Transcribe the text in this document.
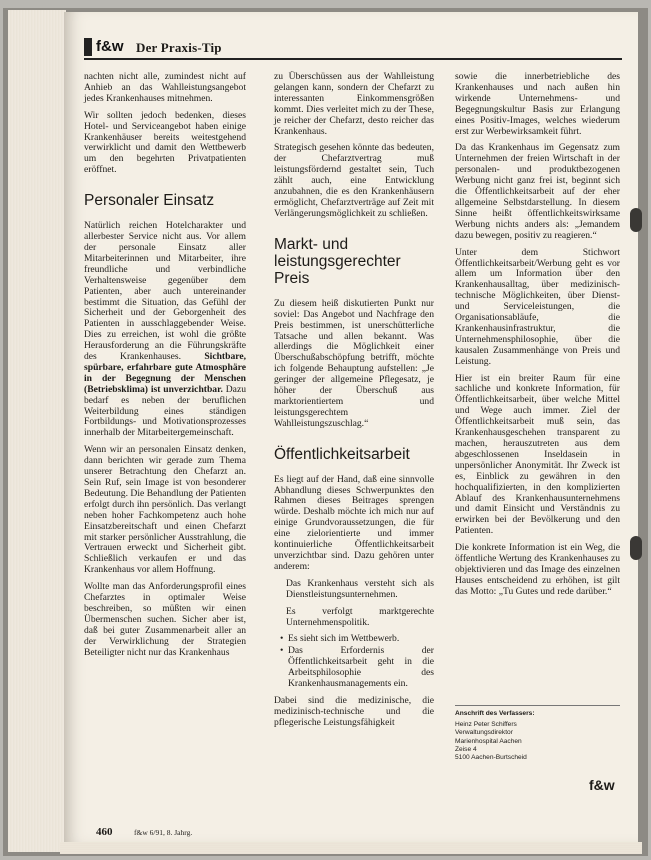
f&w Der Praxis-Tip

nachten nicht alle, zumindest nicht auf Anhieb an das Wahlleistungsangebot jedes Krankenhauses mitnehmen.

Wir sollten jedoch bedenken, dieses Hotel- und Serviceangebot haben einige Krankenhäuser bereits weitestgehend verwirklicht und damit den Wettbewerb um den begehrten Privatpatienten eröffnet.

Personaler Einsatz

Natürlich reichen Hotelcharakter und allerbester Service nicht aus. Vor allem der personale Einsatz aller Mitarbeiterinnen und Mitarbeiter, ihre freundliche und verbindliche Verhaltensweise gegenüber dem Patienten, aber auch untereinander bestimmt die Situation, das Gefühl der Sicherheit und der Geborgenheit des Patienten in ausschlaggebender Weise. Dies zu erreichen, ist wohl die größte Herausforderung an die Führungskräfte des Krankenhauses. Sichtbare, spürbare, erfahrbare gute Atmosphäre in der Begegnung der Menschen (Betriebsklima) ist unverzichtbar. Dazu bedarf es neben der beruflichen Weiterbildung eines ständigen Fortbildungs- und Motivationsprozesses innerhalb der Mitarbeitergemeinschaft.

Wenn wir an personalen Einsatz denken, dann berichten wir gerade zum Thema unserer Betrachtung den Chefarzt an. Sein Ruf, sein Image ist von besonderer Bedeutung. Die Behandlung der Patienten erfolgt durch ihn persönlich. Das verlangt neben hoher Fachkompetenz auch hohe Einsatzbereitschaft und einen Chefarzt mit starker persönlicher Ausstrahlung, die Vertrauen erweckt und Sicherheit gibt. Schließlich verkaufen er und das Krankenhaus vor allem Hoffnung.

Wollte man das Anforderungsprofil eines Chefarztes in optimaler Weise beschreiben, so müßten wir einen Übermenschen suchen. Sicher aber ist, daß bei guter Zusammenarbeit aller an der Verwirklichung der Strategien Beteiligter nicht nur das Krankenhaus

zu Überschüssen aus der Wahlleistung gelangen kann, sondern der Chefarzt zu interessanten Einkommensgrößen kommt. Dies verleitet mich zu der These, je reicher der Chefarzt, desto reicher das Krankenhaus.

Strategisch gesehen könnte das bedeuten, der Chefarztvertrag muß leistungsfördernd gestaltet sein, Tuch zählt auch, eine Entwicklung anzubahnen, die es den Krankenhäusern ermöglicht, Chefarztverträge auf Zeit mit Verlängerungsmöglichkeit zu schließen.

Markt- und leistungsgerechter Preis

Zu diesem heiß diskutierten Punkt nur soviel: Das Angebot und Nachfrage den Preis bestimmen, ist unerschütterliche Tatsache und allen bekannt. Was allerdings die Möglichkeit einer Überschußabschöpfung betrifft, möchte ich folgende Behauptung aufstellen: „Je geringer der allgemeine Pflegesatz, je höher der Überschuß aus marktorientiertem und leistungsgerechtem Wahlleistungszuschlag.“

Öffentlichkeitsarbeit

Es liegt auf der Hand, daß eine sinnvolle Abhandlung dieses Schwerpunktes den Rahmen dieses Beitrages sprengen würde. Deshalb möchte ich mich nur auf einige Grundvoraussetzungen, die für eine zielorientierte und immer kontinuierliche Öffentlichkeitsarbeit unverzichtbar sind. Dazu gehören unter anderem:

Das Krankenhaus versteht sich als Dienstleistungsunternehmen.

Es verfolgt marktgerechte Unternehmenspolitik.

• Es sieht sich im Wettbewerb.
• Das Erfordernis der Öffentlichkeitsarbeit geht in die Arbeitsphilosophie des Krankenhausmanagements ein.

Dabei sind die medizinische, die medizinisch-technische und die pflegerische Leistungsfähigkeit

sowie die innerbetriebliche des Krankenhauses und nach außen hin wirkende Unternehmens- und Begegnungskultur Basis zur Erlangung eines Positiv-Images, welches wiederum erst zur Werbewirksamkeit führt.

Da das Krankenhaus im Gegensatz zum Unternehmen der freien Wirtschaft in der personalen- und produktbezogenen Werbung nicht ganz frei ist, beginnt sich die Öffentlichkeitsarbeit auf der eher allgemeine Selbstdarstellung. In diesem Sinne heißt öffentlichkeitswirksame Werbung nichts anders als: „Jemandem dazu bewegen, positiv zu reagieren.“

Unter dem Stichwort Öffentlichkeitsarbeit/Werbung geht es vor allem um Information über den Krankenhausalltag, über medizinisch-technische Möglichkeiten, über Dienst- und Serviceleistungen, die Organisationsabläufe, die Krankenhausinfrastruktur, die Unternehmensphilosophie, über die kausalen Zusammenhänge von Preis und Leistung.

Hier ist ein breiter Raum für eine sachliche und konkrete Information, für Öffentlichkeitsarbeit, über welche Mittel und Wege auch immer. Ziel der Öffentlichkeitsarbeit muß sein, das Krankenhausgeschehen transparent zu machen, herauszutreten aus dem abgeschlossenen Inseldasein in unpersönlicher Anonymität. Ihr Zweck ist es, Einblick zu gewähren in den hochqualifizierten, in den komplizierten Ablauf des Krankenhausunternehmens und damit Einsicht und Verständnis zu erwirken bei der Bevölkerung und den Patienten.

Die konkrete Information ist ein Weg, die öffentliche Wertung des Krankenhauses zu objektivieren und das Image des einzelnen Hauses entscheidend zu erhöhen, ist gilt das Motto: „Tu Gutes und rede darüber.“

Anschrift des Verfassers:
Heinz Peter Schiffers
Verwaltungsdirektor
Marienhospital Aachen
Zeise 4
5100 Aachen-Burtscheid
f&w
460	f&w 6/91, 8. Jahrg.
